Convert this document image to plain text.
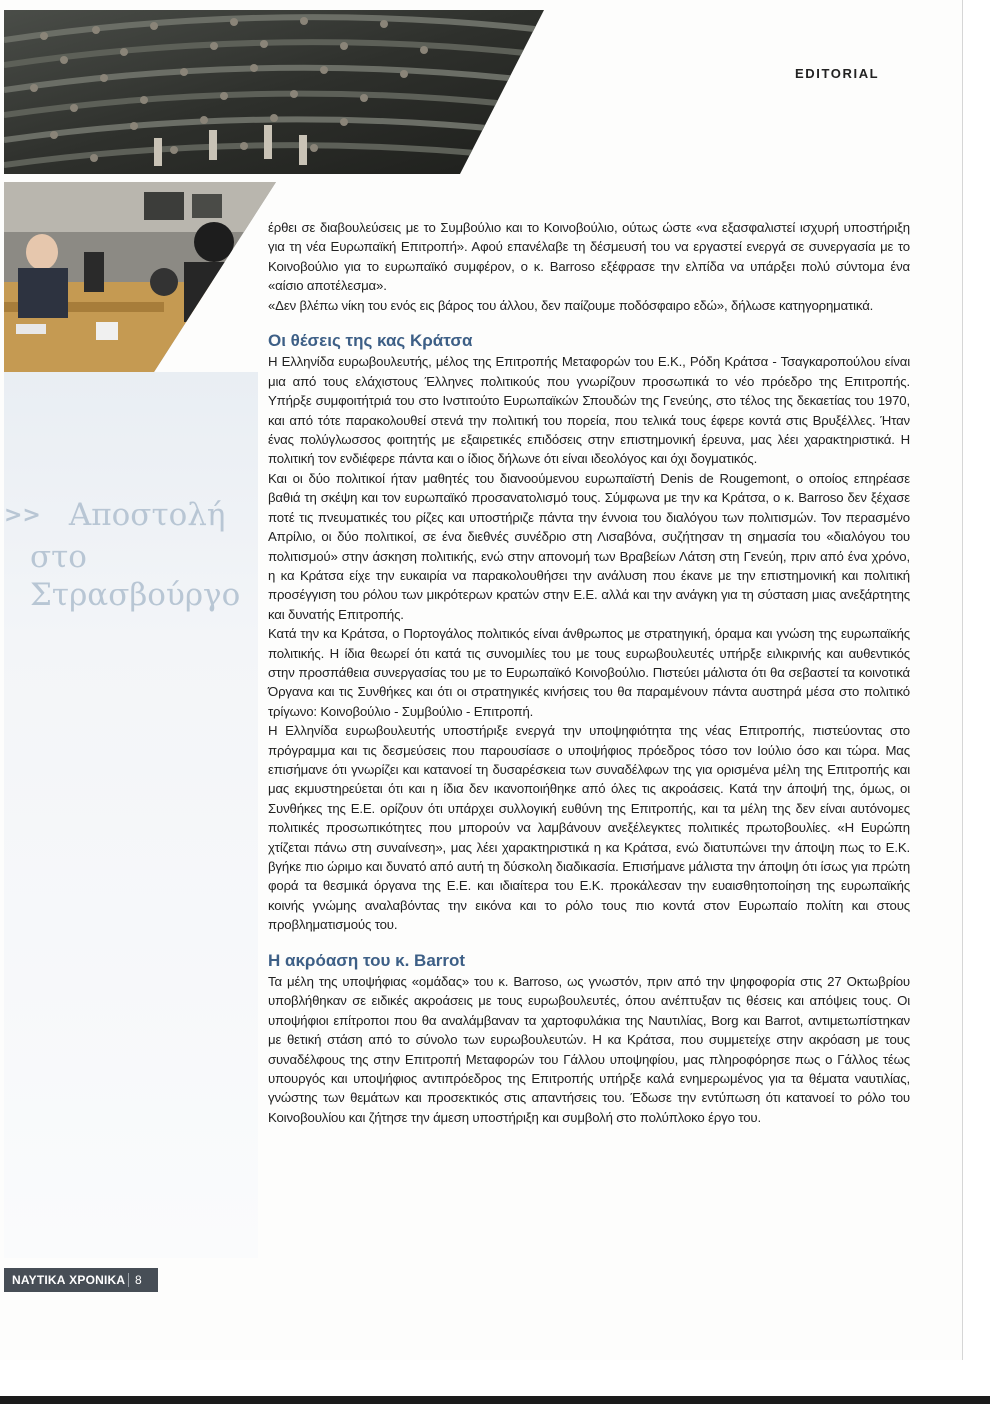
EDITORIAL
>> Αποστολή
στο Στρασβούργο

έρθει σε διαβουλεύσεις με το Συμβούλιο και το Κοινοβούλιο, ούτως ώστε «να εξασφαλιστεί ισχυρή υποστήριξη για τη νέα Ευρωπαϊκή Επιτροπή». Αφού επανέλαβε τη δέσμευσή του να εργαστεί ενεργά σε συνεργασία με το Κοινοβούλιο για το ευρωπαϊκό συμφέρον, ο κ. Barroso εξέφρασε την ελπίδα να υπάρξει πολύ σύντομα ένα «αίσιο αποτέλεσμα».

«Δεν βλέπω νίκη του ενός εις βάρος του άλλου, δεν παίζουμε ποδόσφαιρο εδώ», δήλωσε κατηγορηματικά.

Οι θέσεις της κας Κράτσα

Η Ελληνίδα ευρωβουλευτής, μέλος της Επιτροπής Μεταφορών του Ε.Κ., Ρόδη Κράτσα - Τσαγκαροπούλου είναι μια από τους ελάχιστους Έλληνες πολιτικούς που γνωρίζουν προσωπικά το νέο πρόεδρο της Επιτροπής. Υπήρξε συμφοιτήτριά του στο Ινστιτούτο Ευρωπαϊκών Σπουδών της Γενεύης, στο τέλος της δεκαετίας του 1970, και από τότε παρακολουθεί στενά την πολιτική του πορεία, που τελικά τους έφερε κοντά στις Βρυξέλλες. Ήταν ένας πολύγλωσσος φοιτητής με εξαιρετικές επιδόσεις στην επιστημονική έρευνα, μας λέει χαρακτηριστικά. Η πολιτική τον ενδιέφερε πάντα και ο ίδιος δήλωνε ότι είναι ιδεολόγος και όχι δογματικός.

Και οι δύο πολιτικοί ήταν μαθητές του διανοούμενου ευρωπαϊστή Denis de Rougemont, ο οποίος επηρέασε βαθιά τη σκέψη και τον ευρωπαϊκό προσανατολισμό τους. Σύμφωνα με την κα Κράτσα, ο κ. Barroso δεν ξέχασε ποτέ τις πνευματικές του ρίζες και υποστήριζε πάντα την έννοια του διαλόγου των πολιτισμών. Τον περασμένο Απρίλιο, οι δύο πολιτικοί, σε ένα διεθνές συνέδριο στη Λισαβόνα, συζήτησαν τη σημασία του «διαλόγου του πολιτισμού» στην άσκηση πολιτικής, ενώ στην απονομή των Βραβείων Λάτση στη Γενεύη, πριν από ένα χρόνο, η κα Κράτσα είχε την ευκαιρία να παρακολουθήσει την ανάλυση που έκανε με την επιστημονική και πολιτική προσέγγιση του ρόλου των μικρότερων κρατών στην Ε.Ε. αλλά και την ανάγκη για τη σύσταση μιας ανεξάρτητης και δυνατής Επιτροπής.

Κατά την κα Κράτσα, ο Πορτογάλος πολιτικός είναι άνθρωπος με στρατηγική, όραμα και γνώση της ευρωπαϊκής πολιτικής. Η ίδια θεωρεί ότι κατά τις συνομιλίες του με τους ευρωβουλευτές υπήρξε ειλικρινής και αυθεντικός στην προσπάθεια συνεργασίας του με το Ευρωπαϊκό Κοινοβούλιο. Πιστεύει μάλιστα ότι θα σεβαστεί τα κοινοτικά Όργανα και τις Συνθήκες και ότι οι στρατηγικές κινήσεις του θα παραμένουν πάντα αυστηρά μέσα στο πολιτικό τρίγωνο: Κοινοβούλιο - Συμβούλιο - Επιτροπή.

Η Ελληνίδα ευρωβουλευτής υποστήριξε ενεργά την υποψηφιότητα της νέας Επιτροπής, πιστεύοντας στο πρόγραμμα και τις δεσμεύσεις που παρουσίασε ο υποψήφιος πρόεδρος τόσο τον Ιούλιο όσο και τώρα. Μας επισήμανε ότι γνωρίζει και κατανοεί τη δυσαρέσκεια των συναδέλφων της για ορισμένα μέλη της Επιτροπής και μας εκμυστηρεύεται ότι και η ίδια δεν ικανοποιήθηκε από όλες τις ακροάσεις. Κατά την άποψή της, όμως, οι Συνθήκες της Ε.Ε. ορίζουν ότι υπάρχει συλλογική ευθύνη της Επιτροπής, και τα μέλη της δεν είναι αυτόνομες πολιτικές προσωπικότητες που μπορούν να λαμβάνουν ανεξέλεγκτες πολιτικές πρωτοβουλίες. «Η Ευρώπη χτίζεται πάνω στη συναίνεση», μας λέει χαρακτηριστικά η κα Κράτσα, ενώ διατυπώνει την άποψη πως το Ε.Κ. βγήκε πιο ώριμο και δυνατό από αυτή τη δύσκολη διαδικασία. Επισήμανε μάλιστα την άποψη ότι ίσως για πρώτη φορά τα θεσμικά όργανα της Ε.Ε. και ιδιαίτερα του Ε.Κ. προκάλεσαν την ευαισθητοποίηση της ευρωπαϊκής κοινής γνώμης αναλαβόντας την εικόνα και το ρόλο τους πιο κοντά στον Ευρωπαίο πολίτη και στους προβληματισμούς του.

Η ακρόαση του κ. Barrot

Τα μέλη της υποψήφιας «ομάδας» του κ. Barroso, ως γνωστόν, πριν από την ψηφοφορία στις 27 Οκτωβρίου υποβλήθηκαν σε ειδικές ακροάσεις με τους ευρωβουλευτές, όπου ανέπτυξαν τις θέσεις και απόψεις τους. Οι υποψήφιοι επίτροποι που θα αναλάμβαναν τα χαρτοφυλάκια της Ναυτιλίας, Borg και Barrot, αντιμετωπίστηκαν με θετική στάση από το σύνολο των ευρωβουλευτών. Η κα Κράτσα, που συμμετείχε στην ακρόαση με τους συναδέλφους της στην Επιτροπή Μεταφορών του Γάλλου υποψηφίου, μας πληροφόρησε πως ο Γάλλος τέως υπουργός και υποψήφιος αντιπρόεδρος της Επιτροπής υπήρξε καλά ενημερωμένος για τα θέματα ναυτιλίας, γνώστης των θεμάτων και προσεκτικός στις απαντήσεις του. Έδωσε την εντύπωση ότι κατανοεί το ρόλο του Κοινοβουλίου και ζήτησε την άμεση υποστήριξη και συμβολή στο πολύπλοκο έργο του.

ΝΑΥΤΙΚΑ ΧΡΟΝΙΚΑ 8
